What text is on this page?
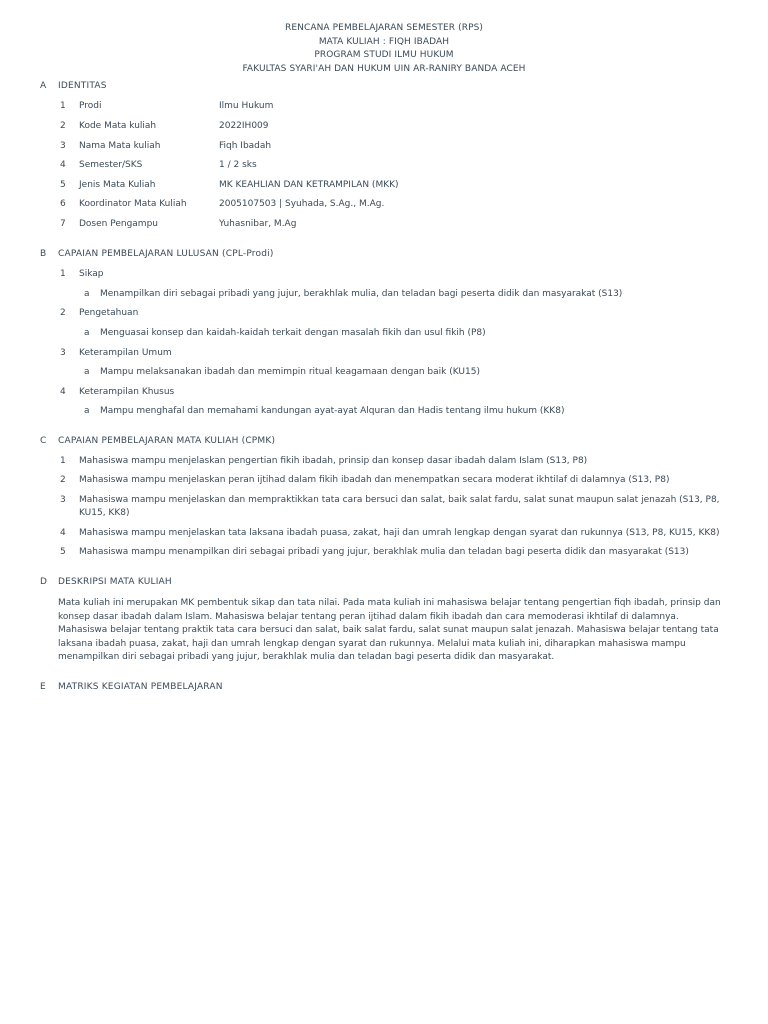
RENCANA PEMBELAJARAN SEMESTER (RPS)
MATA KULIAH : FIQH IBADAH
PROGRAM STUDI ILMU HUKUM
FAKULTAS SYARI'AH DAN HUKUM UIN AR-RANIRY BANDA ACEH
A IDENTITAS
1 Prodi	Ilmu Hukum
2 Kode Mata kuliah	2022IH009
3 Nama Mata kuliah	Fiqh Ibadah
4 Semester/SKS	1 / 2 sks
5 Jenis Mata Kuliah	MK KEAHLIAN DAN KETRAMPILAN (MKK)
6 Koordinator Mata Kuliah	2005107503 | Syuhada, S.Ag., M.Ag.
7 Dosen Pengampu	Yuhasnibar, M.Ag
B CAPAIAN PEMBELAJARAN LULUSAN (CPL-Prodi)
1 Sikap
a Menampilkan diri sebagai pribadi yang jujur, berakhlak mulia, dan teladan bagi peserta didik dan masyarakat (S13)
2 Pengetahuan
a Menguasai konsep dan kaidah-kaidah terkait dengan masalah fikih dan usul fikih (P8)
3 Keterampilan Umum
a Mampu melaksanakan ibadah dan memimpin ritual keagamaan dengan baik (KU15)
4 Keterampilan Khusus
a Mampu menghafal dan memahami kandungan ayat-ayat Alquran dan Hadis tentang ilmu hukum (KK8)
C CAPAIAN PEMBELAJARAN MATA KULIAH (CPMK)
1 Mahasiswa mampu menjelaskan pengertian fikih ibadah, prinsip dan konsep dasar ibadah dalam Islam (S13, P8)
2 Mahasiswa mampu menjelaskan peran ijtihad dalam fikih ibadah dan menempatkan secara moderat ikhtilaf di dalamnya (S13, P8)
3 Mahasiswa mampu menjelaskan dan mempraktikkan tata cara bersuci dan salat, baik salat fardu, salat sunat maupun salat jenazah (S13, P8, KU15, KK8)
4 Mahasiswa mampu menjelaskan tata laksana ibadah puasa, zakat, haji dan umrah lengkap dengan syarat dan rukunnya (S13, P8, KU15, KK8)
5 Mahasiswa mampu menampilkan diri sebagai pribadi yang jujur, berakhlak mulia dan teladan bagi peserta didik dan masyarakat (S13)
D DESKRIPSI MATA KULIAH
Mata kuliah ini merupakan MK pembentuk sikap dan tata nilai. Pada mata kuliah ini mahasiswa belajar tentang pengertian fiqh ibadah, prinsip dan konsep dasar ibadah dalam Islam. Mahasiswa belajar tentang peran ijtihad dalam fikih ibadah dan cara memoderasi ikhtilaf di dalamnya. Mahasiswa belajar tentang praktik tata cara bersuci dan salat, baik salat fardu, salat sunat maupun salat jenazah. Mahasiswa belajar tentang tata laksana ibadah puasa, zakat, haji dan umrah lengkap dengan syarat dan rukunnya. Melalui mata kuliah ini, diharapkan mahasiswa mampu menampilkan diri sebagai pribadi yang jujur, berakhlak mulia dan teladan bagi peserta didik dan masyarakat.
E MATRIKS KEGIATAN PEMBELAJARAN
